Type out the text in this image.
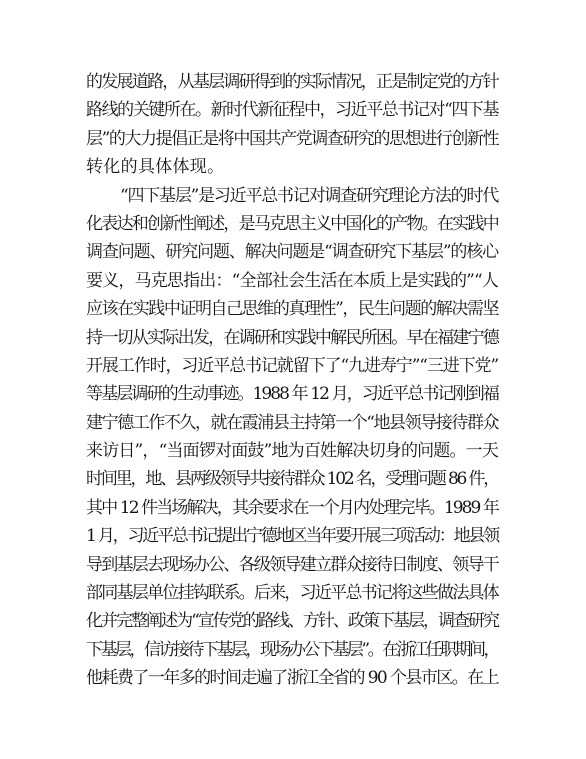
的发展道路，从基层调研得到的实际情况，正是制定党的方针
路线的关键所在。新时代新征程中，习近平总书记对“四下基
层”的大力提倡正是将中国共产党调查研究的思想进行创新性
转化的具体体现。
“四下基层”是习近平总书记对调查研究理论方法的时代
化表达和创新性阐述，是马克思主义中国化的产物。在实践中
调查问题、研究问题、解决问题是“调查研究下基层”的核心
要义，马克思指出：“全部社会生活在本质上是实践的”“人
应该在实践中证明自己思维的真理性”，民生问题的解决需坚
持一切从实际出发，在调研和实践中解民所困。早在福建宁德
开展工作时，习近平总书记就留下了“九进寿宁”“三进下党”
等基层调研的生动事迹。1988 年 12 月，习近平总书记刚到福
建宁德工作不久，就在霞浦县主持第一个“地县领导接待群众
来访日”，“当面锣对面鼓”地为百姓解决切身的问题。一天
时间里，地、县两级领导共接待群众 102 名，受理问题 86 件，
其中 12 件当场解决，其余要求在一个月内处理完毕。1989 年
1 月，习近平总书记提出宁德地区当年要开展三项活动：地县领
导到基层去现场办公、各级领导建立群众接待日制度、领导干
部同基层单位挂钩联系。后来，习近平总书记将这些做法具体
化并完整阐述为“宣传党的路线、方针、政策下基层，调查研究
下基层，信访接待下基层，现场办公下基层”。在浙江任职期间，
他耗费了一年多的时间走遍了浙江全省的 90 个县市区。在上
